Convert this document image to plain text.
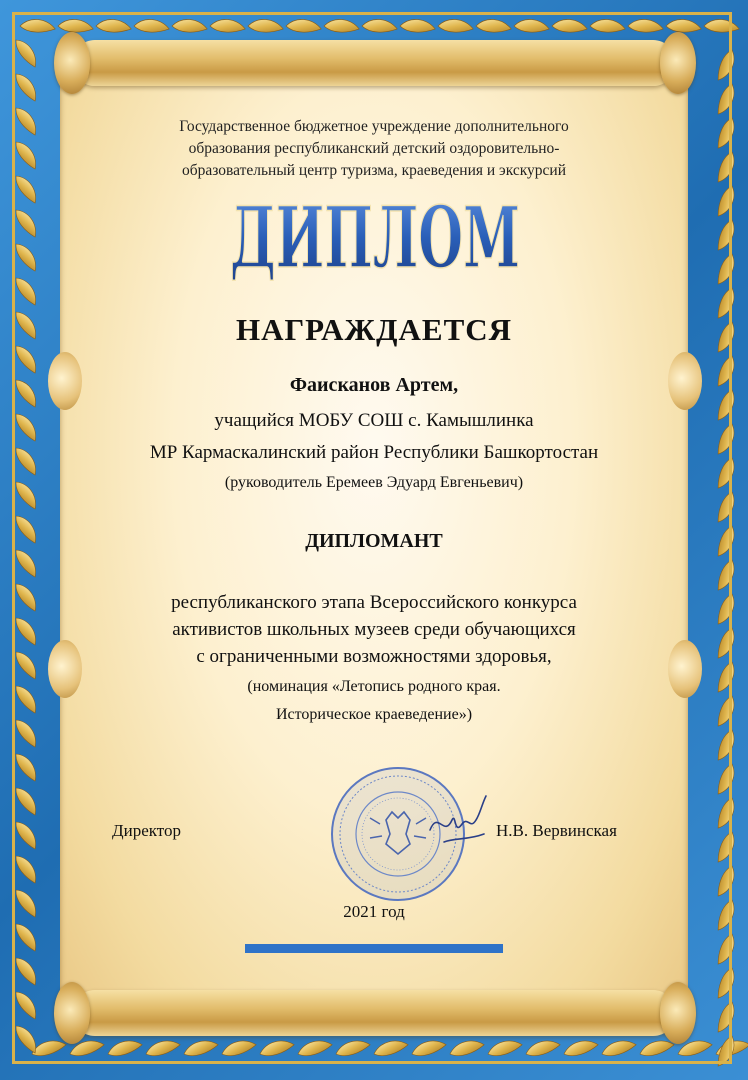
Государственное бюджетное учреждение дополнительного
образования республиканский детский оздоровительно-
образовательный центр туризма, краеведения и экскурсий
ДИПЛОМ
НАГРАЖДАЕТСЯ
Фаисканов Артем,
учащийся МОБУ СОШ с. Камышлинка
МР Кармаскалинский район Республики Башкортостан
(руководитель Еремеев Эдуард Евгеньевич)
ДИПЛОМАНТ
республиканского этапа Всероссийского конкурса
активистов школьных музеев среди обучающихся
с ограниченными возможностями здоровья,
(номинация «Летопись родного края.
Историческое краеведение»)
Директор	Н.В. Вервинская
2021 год
